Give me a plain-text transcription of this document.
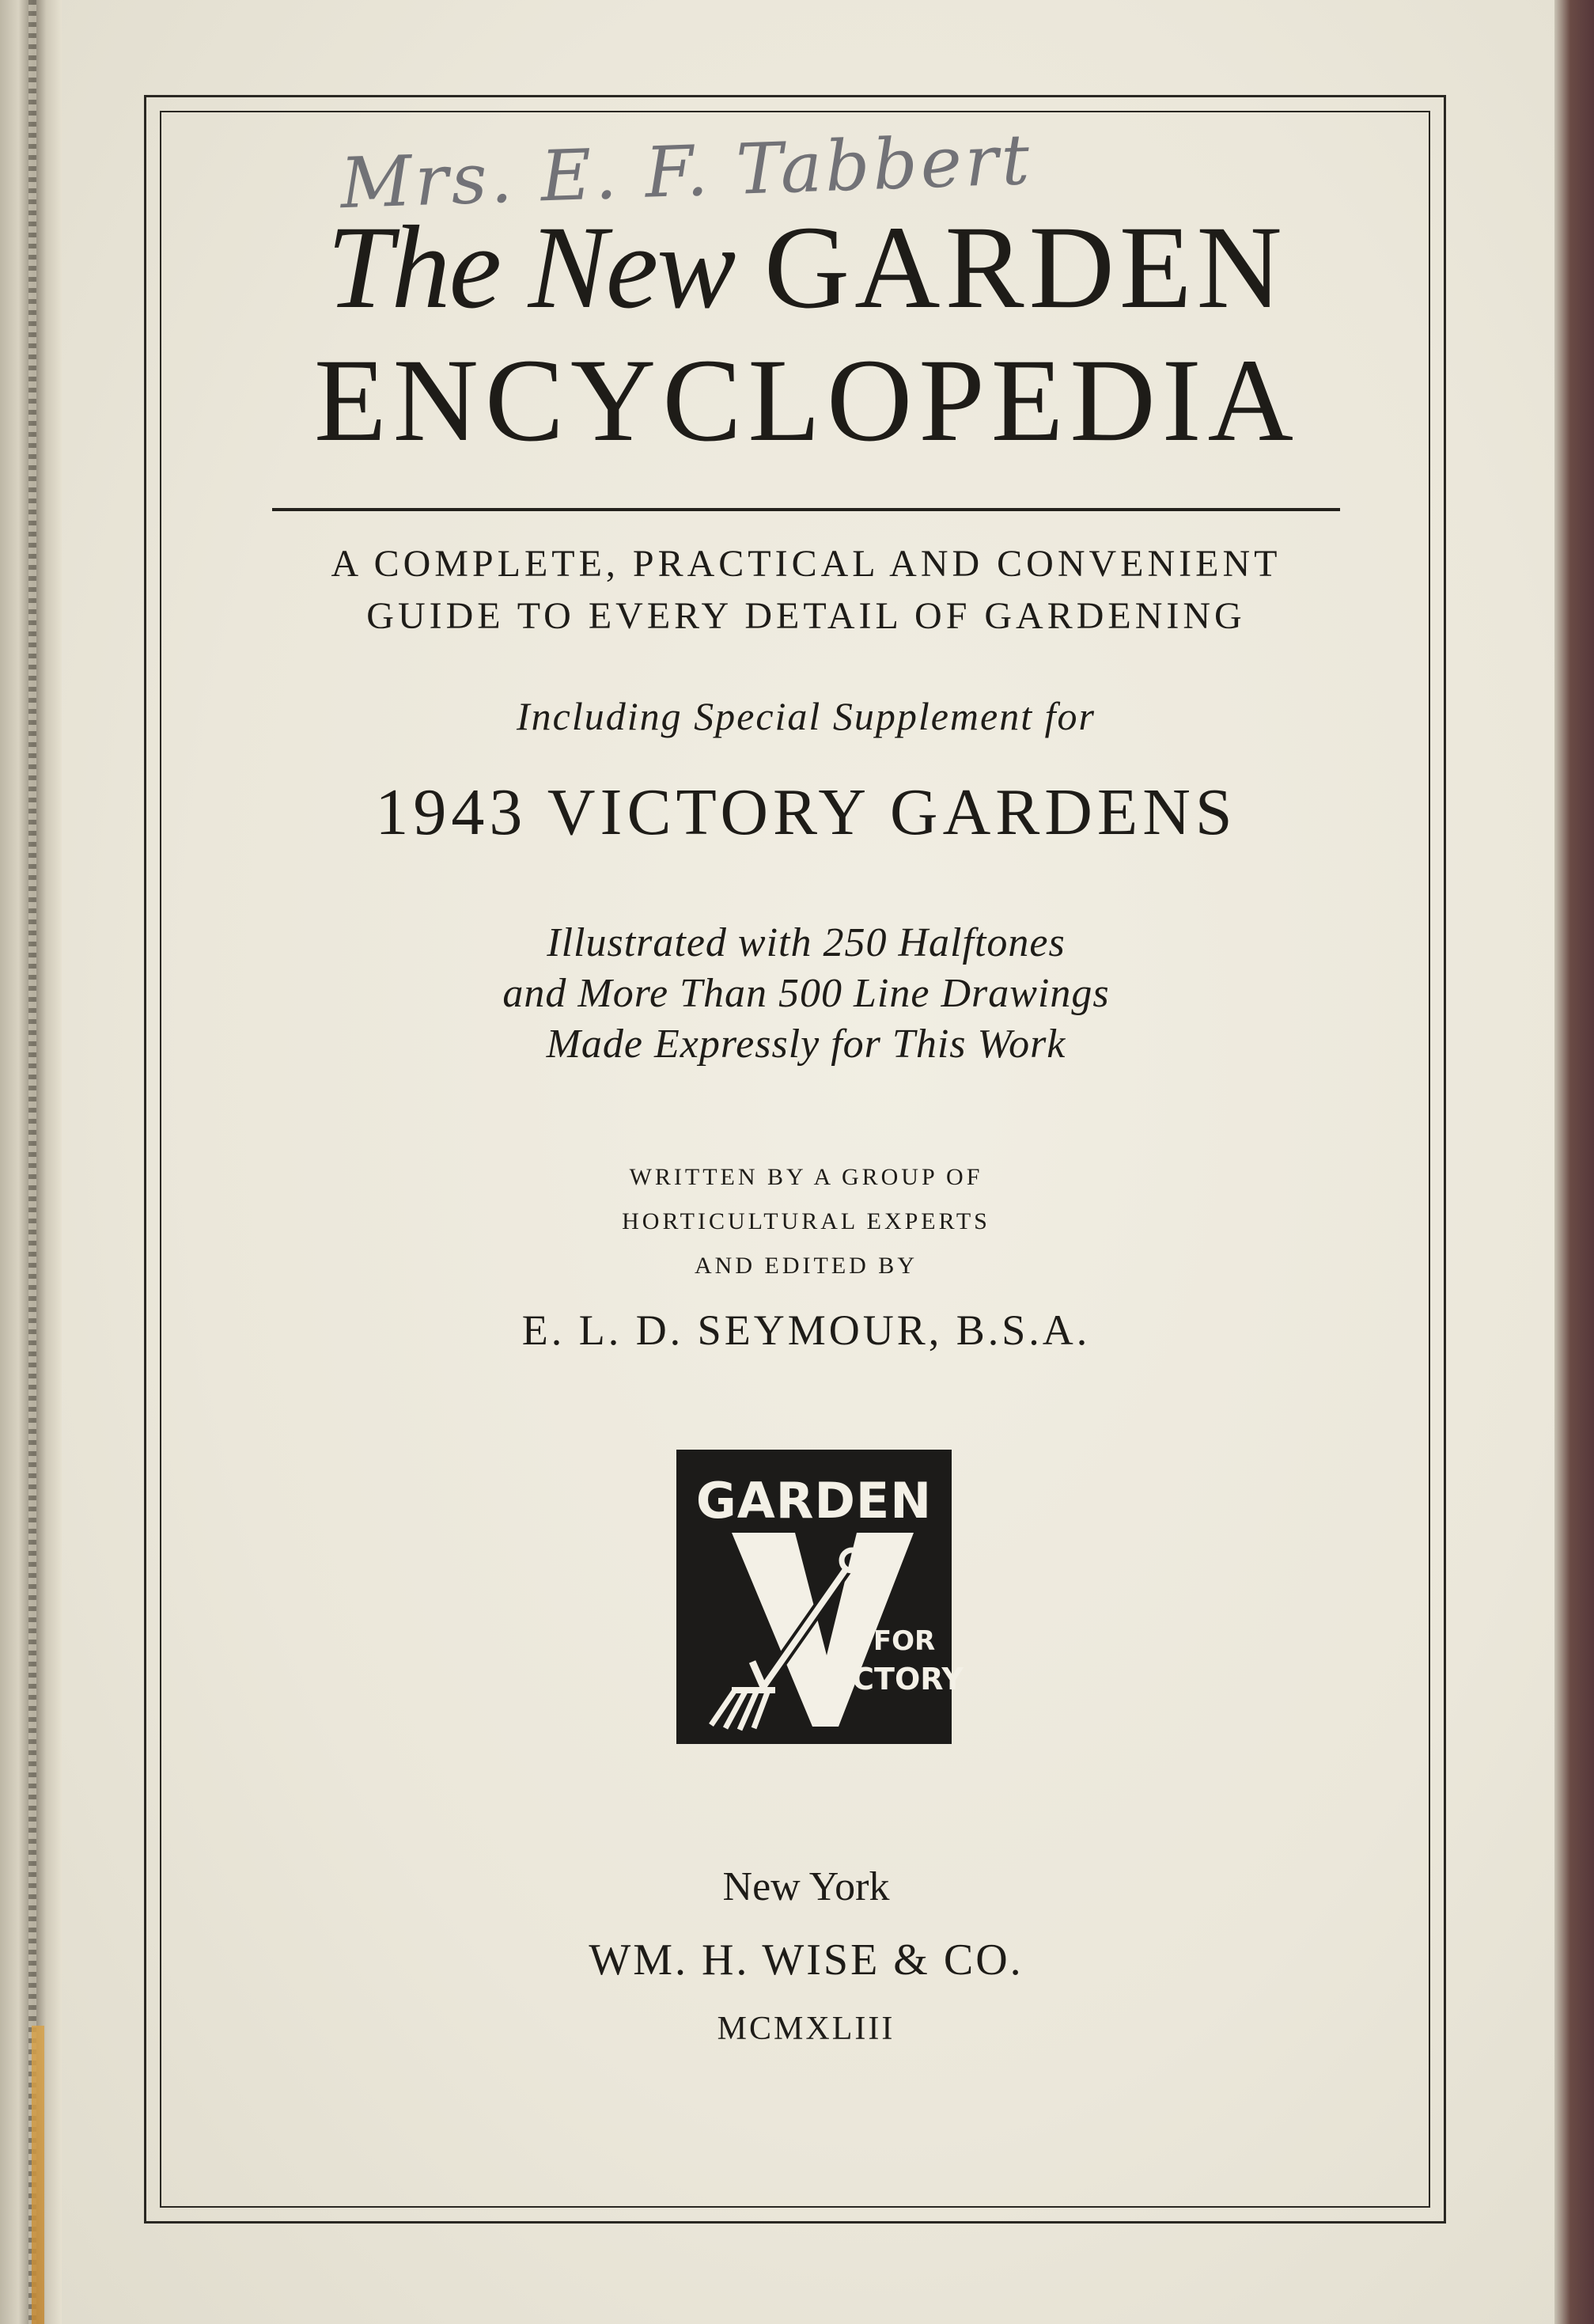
Mrs. E. F. Tabbert
The New GARDEN
ENCYCLOPEDIA
A COMPLETE, PRACTICAL AND CONVENIENT
GUIDE TO EVERY DETAIL OF GARDENING
Including Special Supplement for
1943 VICTORY GARDENS
Illustrated with 250 Halftones
and More Than 500 Line Drawings
Made Expressly for This Work
WRITTEN BY A GROUP OF
HORTICULTURAL EXPERTS
AND EDITED BY
E. L. D. SEYMOUR, B.S.A.
GARDEN
FOR
ICTORY
New York
WM. H. WISE & CO.
MCMXLIII
